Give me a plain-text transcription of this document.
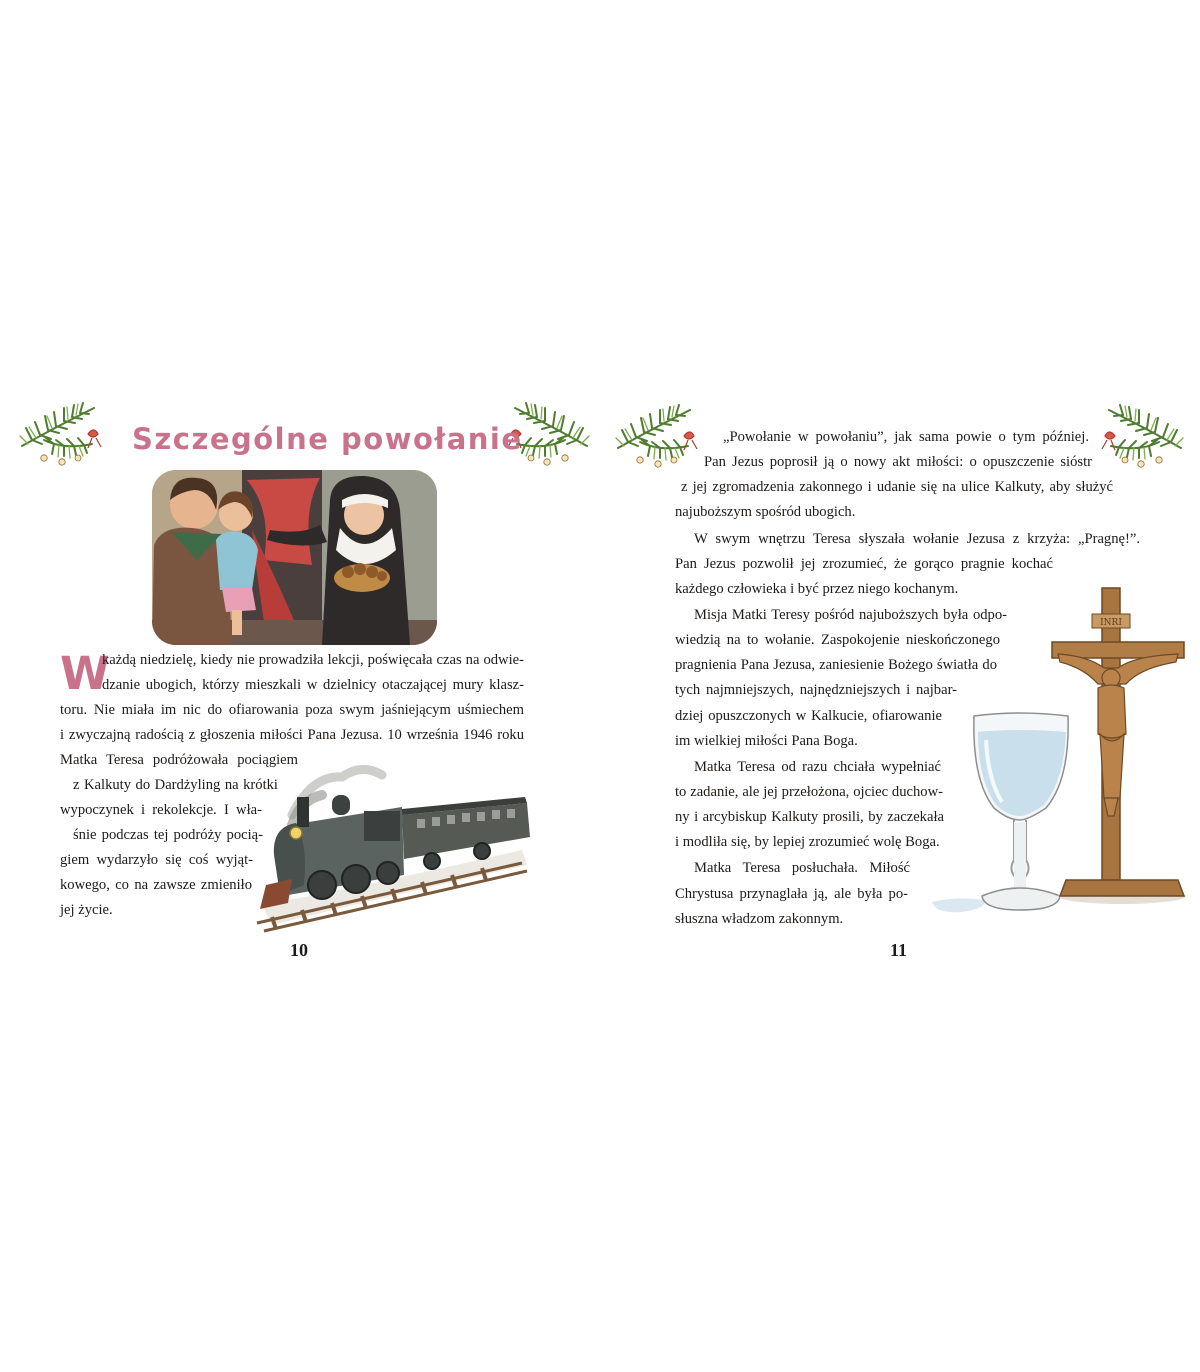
Szczególne powołanie
W
każdą niedzielę, kiedy nie prowadziła lekcji, poświęcała czas na odwie-
dzanie ubogich, którzy mieszkali w dzielnicy otaczającej mury klasz-
toru. Nie miała im nic do ofiarowania poza swym jaśniejącym uśmiechem
i zwyczajną radością z głoszenia miłości Pana Jezusa. 10 września 1946 roku
Matka Teresa podróżowała pociągiem
z Kalkuty do Dardżyling na krótki
wypoczynek i rekolekcje. I wła-
śnie podczas tej podróży pocią-
giem wydarzyło się coś wyjąt-
kowego, co na zawsze zmieniło
jej życie.
10
„Powołanie w powołaniu”, jak sama powie o tym później.
Pan Jezus poprosił ją o nowy akt miłości: o opuszczenie sióstr
z jej zgromadzenia zakonnego i udanie się na ulice Kalkuty, aby służyć
najuboższym spośród ubogich.
W swym wnętrzu Teresa słyszała wołanie Jezusa z krzyża: „Pragnę!”.
Pan Jezus pozwolił jej zrozumieć, że gorąco pragnie kochać
każdego człowieka i być przez niego kochanym.
Misja Matki Teresy pośród najuboższych była odpo-
wiedzią na to wołanie. Zaspokojenie nieskończonego
pragnienia Pana Jezusa, zaniesienie Bożego światła do
tych najmniejszych, najnędzniejszych i najbar-
dziej opuszczonych w Kalkucie, ofiarowanie
im wielkiej miłości Pana Boga.
Matka Teresa od razu chciała wypełniać
to zadanie, ale jej przełożona, ojciec duchow-
ny i arcybiskup Kalkuty prosili, by zaczekała
i modliła się, by lepiej zrozumieć wolę Boga.
Matka Teresa posłuchała. Miłość
Chrystusa przynaglała ją, ale była po-
słuszna władzom zakonnym.
INRI
11
